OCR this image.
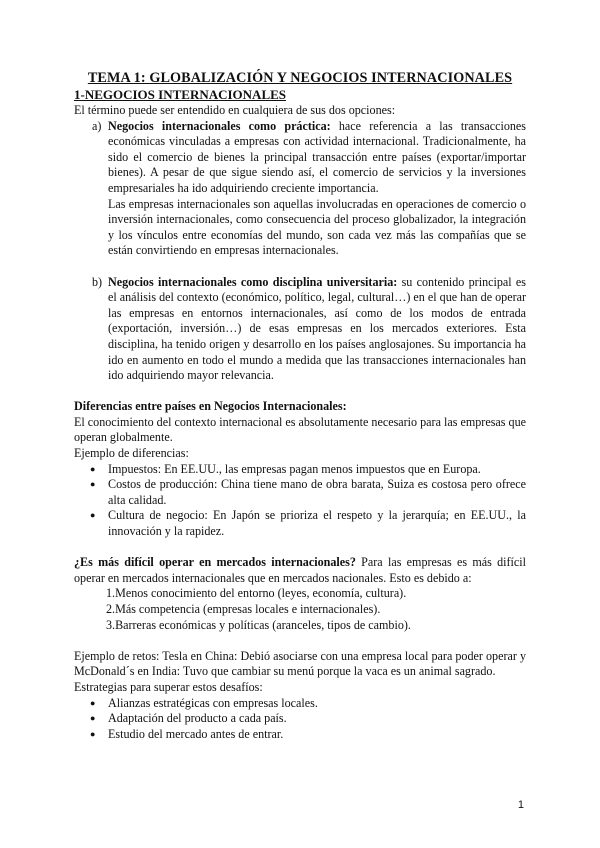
TEMA 1: GLOBALIZACIÓN Y NEGOCIOS INTERNACIONALES
1-NEGOCIOS INTERNACIONALES

El término puede ser entendido en cualquiera de sus dos opciones:

a) Negocios internacionales como práctica: hace referencia a las transacciones económicas vinculadas a empresas con actividad internacional. Tradicionalmente, ha sido el comercio de bienes la principal transacción entre países (exportar/importar bienes). A pesar de que sigue siendo así, el comercio de servicios y la inversiones empresariales ha ido adquiriendo creciente importancia.

Las empresas internacionales son aquellas involucradas en operaciones de comercio o inversión internacionales, como consecuencia del proceso globalizador, la integración y los vínculos entre economías del mundo, son cada vez más las compañías que se están convirtiendo en empresas internacionales.

b) Negocios internacionales como disciplina universitaria: su contenido principal es el análisis del contexto (económico, político, legal, cultural…) en el que han de operar las empresas en entornos internacionales, así como de los modos de entrada (exportación, inversión…) de esas empresas en los mercados exteriores. Esta disciplina, ha tenido origen y desarrollo en los países anglosajones. Su importancia ha ido en aumento en todo el mundo a medida que las transacciones internacionales han ido adquiriendo mayor relevancia.

Diferencias entre países en Negocios Internacionales:

El conocimiento del contexto internacional es absolutamente necesario para las empresas que operan globalmente.

Ejemplo de diferencias:

●	Impuestos: En EE.UU., las empresas pagan menos impuestos que en Europa.
●	Costos de producción: China tiene mano de obra barata, Suiza es costosa pero ofrece alta calidad.
●	Cultura de negocio: En Japón se prioriza el respeto y la jerarquía; en EE.UU., la innovación y la rapidez.

¿Es más difícil operar en mercados internacionales? Para las empresas es más difícil operar en mercados internacionales que en mercados nacionales. Esto es debido a:

1.Menos conocimiento del entorno (leyes, economía, cultura).

2.Más competencia (empresas locales e internacionales).

3.Barreras económicas y políticas (aranceles, tipos de cambio).

Ejemplo de retos: Tesla en China: Debió asociarse con una empresa local para poder operar y McDonald´s en India: Tuvo que cambiar su menú porque la vaca es un animal sagrado.

Estrategias para superar estos desafíos:

●	Alianzas estratégicas con empresas locales.
●	Adaptación del producto a cada país.
●	Estudio del mercado antes de entrar.
1
